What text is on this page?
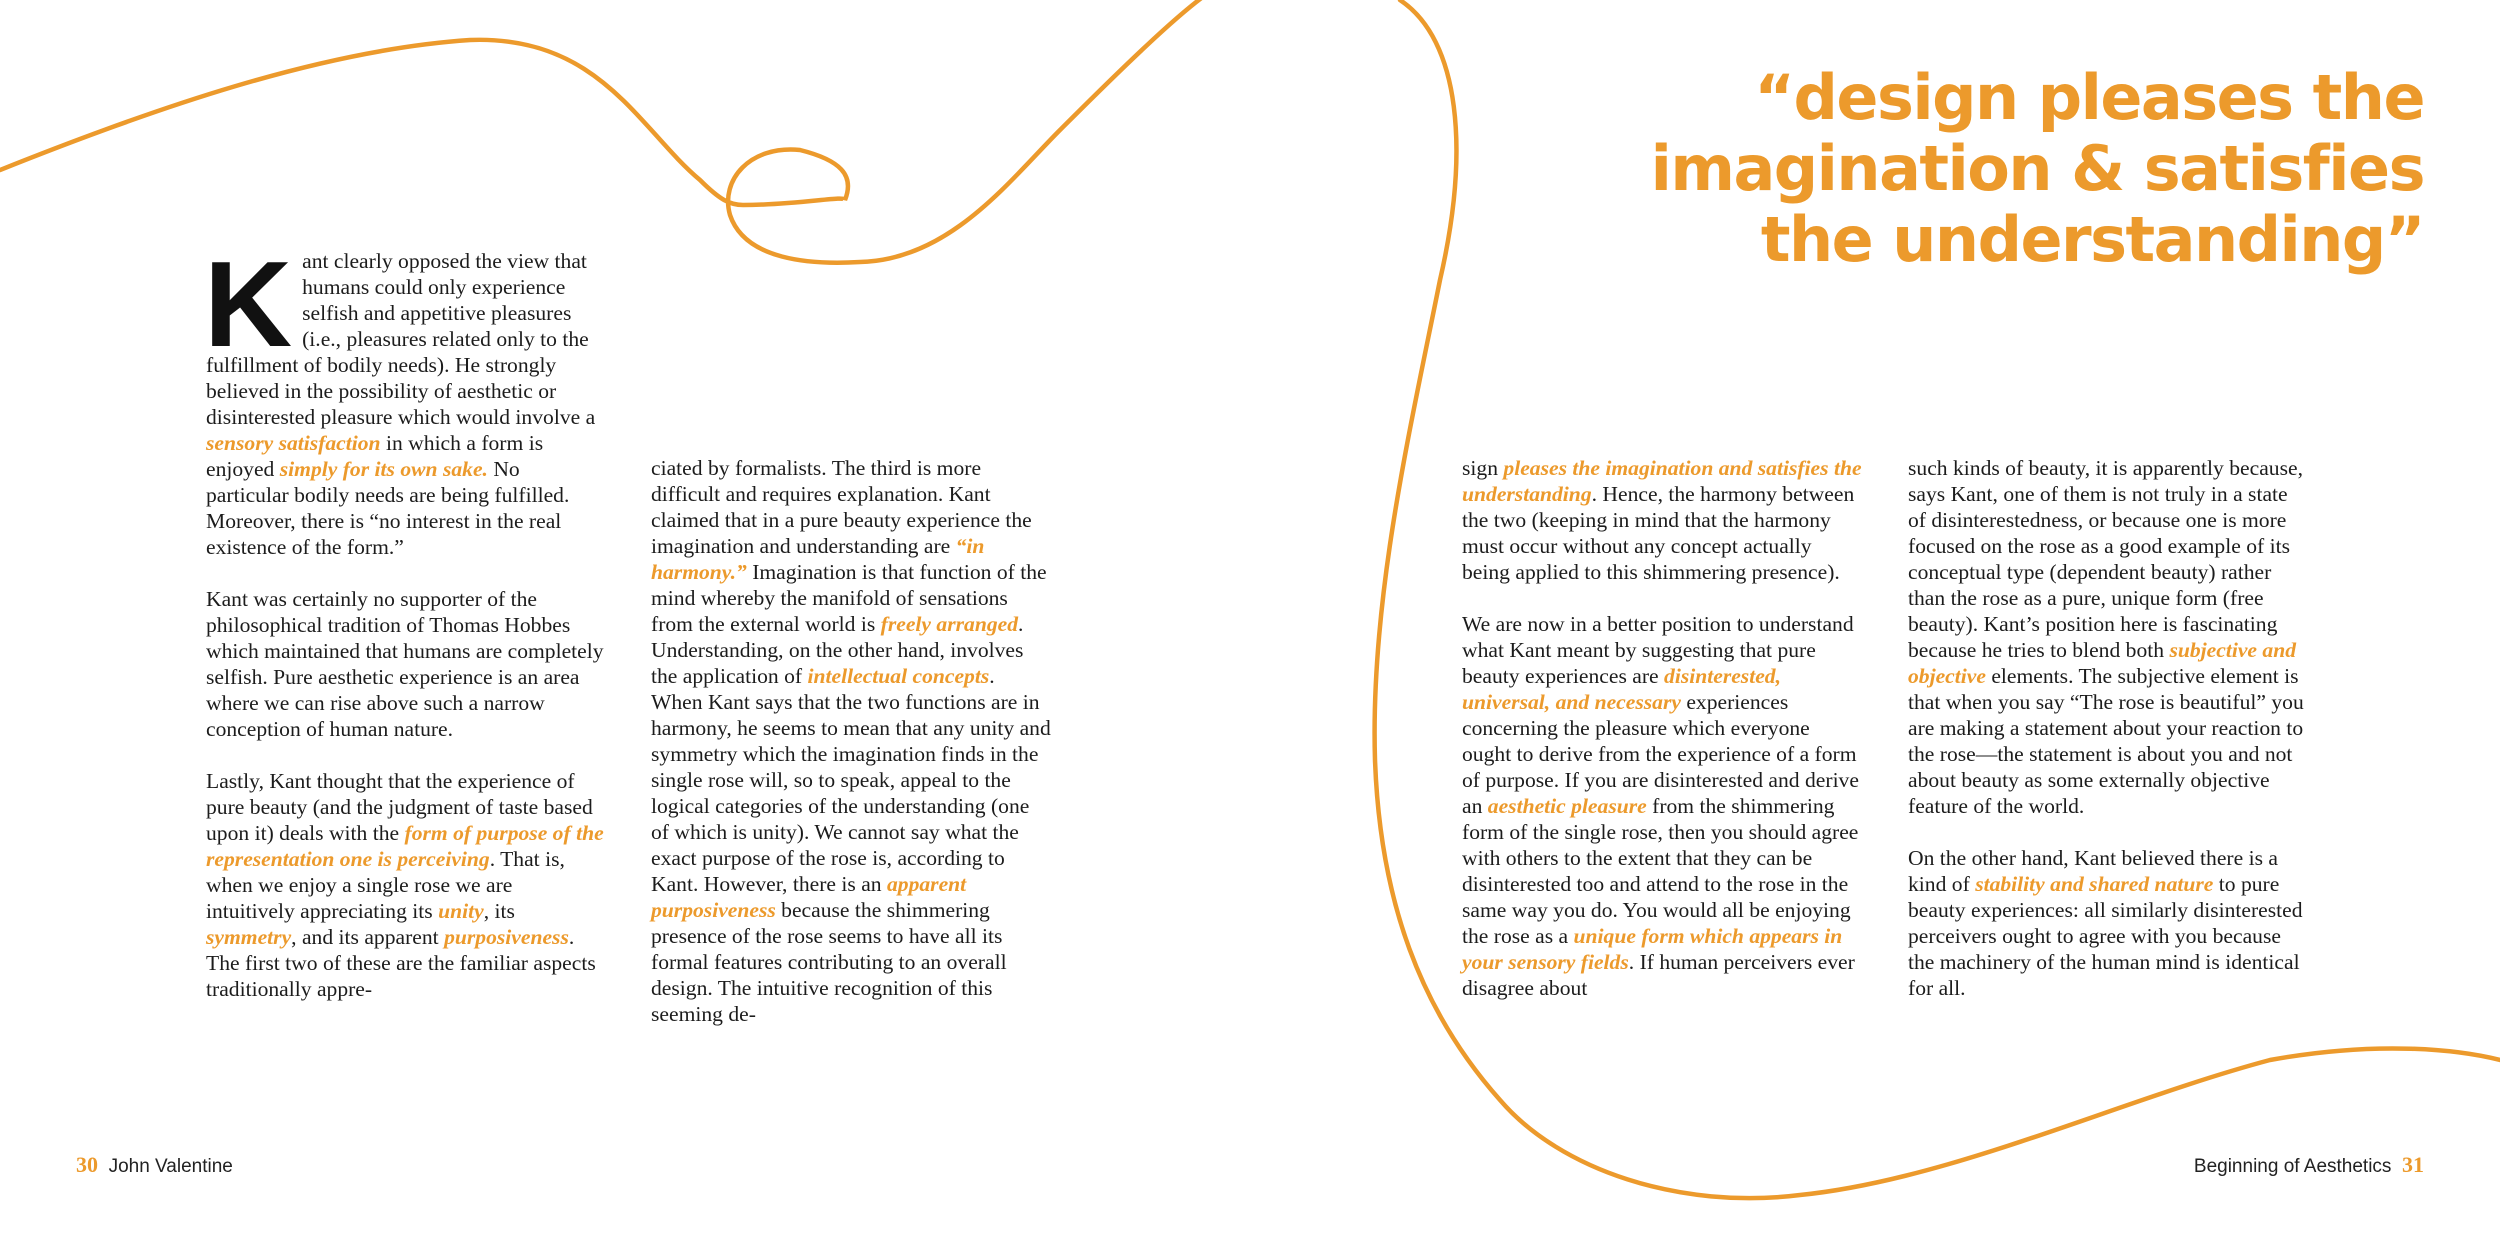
“design pleases the
imagination & satisfies
the understanding”

Kant clearly opposed the view that humans could only experience selfish and appetitive pleasures (i.e., pleasures related only to the fulfillment of bodily needs). He strongly believed in the possibility of aesthetic or disinterested pleasure which would involve a sensory satisfaction in which a form is enjoyed simply for its own sake. No particular bodily needs are being fulfilled. Moreover, there is “no interest in the real existence of the form.”

Kant was certainly no supporter of the philosophical tradition of Thomas Hobbes which maintained that humans are completely selfish. Pure aesthetic experience is an area where we can rise above such a narrow conception of human nature.

Lastly, Kant thought that the experience of pure beauty (and the judgment of taste based upon it) deals with the form of purpose of the representation one is perceiving. That is, when we enjoy a single rose we are intuitively appreciating its unity, its symmetry, and its apparent purposiveness. The first two of these are the familiar aspects traditionally appre-

ciated by formalists. The third is more difficult and requires explanation. Kant claimed that in a pure beauty experience the imagination and understanding are “in harmony.” Imagination is that function of the mind whereby the manifold of sensations from the external world is freely arranged. Understanding, on the other hand, involves the application of intellectual concepts. When Kant says that the two functions are in harmony, he seems to mean that any unity and symmetry which the imagination finds in the single rose will, so to speak, appeal to the logical categories of the understanding (one of which is unity). We cannot say what the exact purpose of the rose is, according to Kant. However, there is an apparent purposiveness because the shimmering presence of the rose seems to have all its formal features contributing to an overall design. The intuitive recognition of this seeming de-

sign pleases the imagination and satisfies the understanding. Hence, the harmony between the two (keeping in mind that the harmony must occur without any concept actually being applied to this shimmering presence).

We are now in a better position to understand what Kant meant by suggesting that pure beauty experiences are disinterested, universal, and necessary experiences concerning the pleasure which everyone ought to derive from the experience of a form of purpose. If you are disinterested and derive an aesthetic pleasure from the shimmering form of the single rose, then you should agree with others to the extent that they can be disinterested too and attend to the rose in the same way you do. You would all be enjoying the rose as a unique form which appears in your sensory fields. If human perceivers ever disagree about

such kinds of beauty, it is apparently because, says Kant, one of them is not truly in a state of disinterestedness, or because one is more focused on the rose as a good example of its conceptual type (dependent beauty) rather than the rose as a pure, unique form (free beauty). Kant’s position here is fascinating because he tries to blend both subjective and objective elements. The subjective element is that when you say “The rose is beautiful” you are making a statement about your reaction to the rose—the statement is about you and not about beauty as some externally objective feature of the world.

On the other hand, Kant believed there is a kind of stability and shared nature to pure beauty experiences: all similarly disinterested perceivers ought to agree with you because the machinery of the human mind is identical for all.

30 John Valentine	Beginning of Aesthetics 31
